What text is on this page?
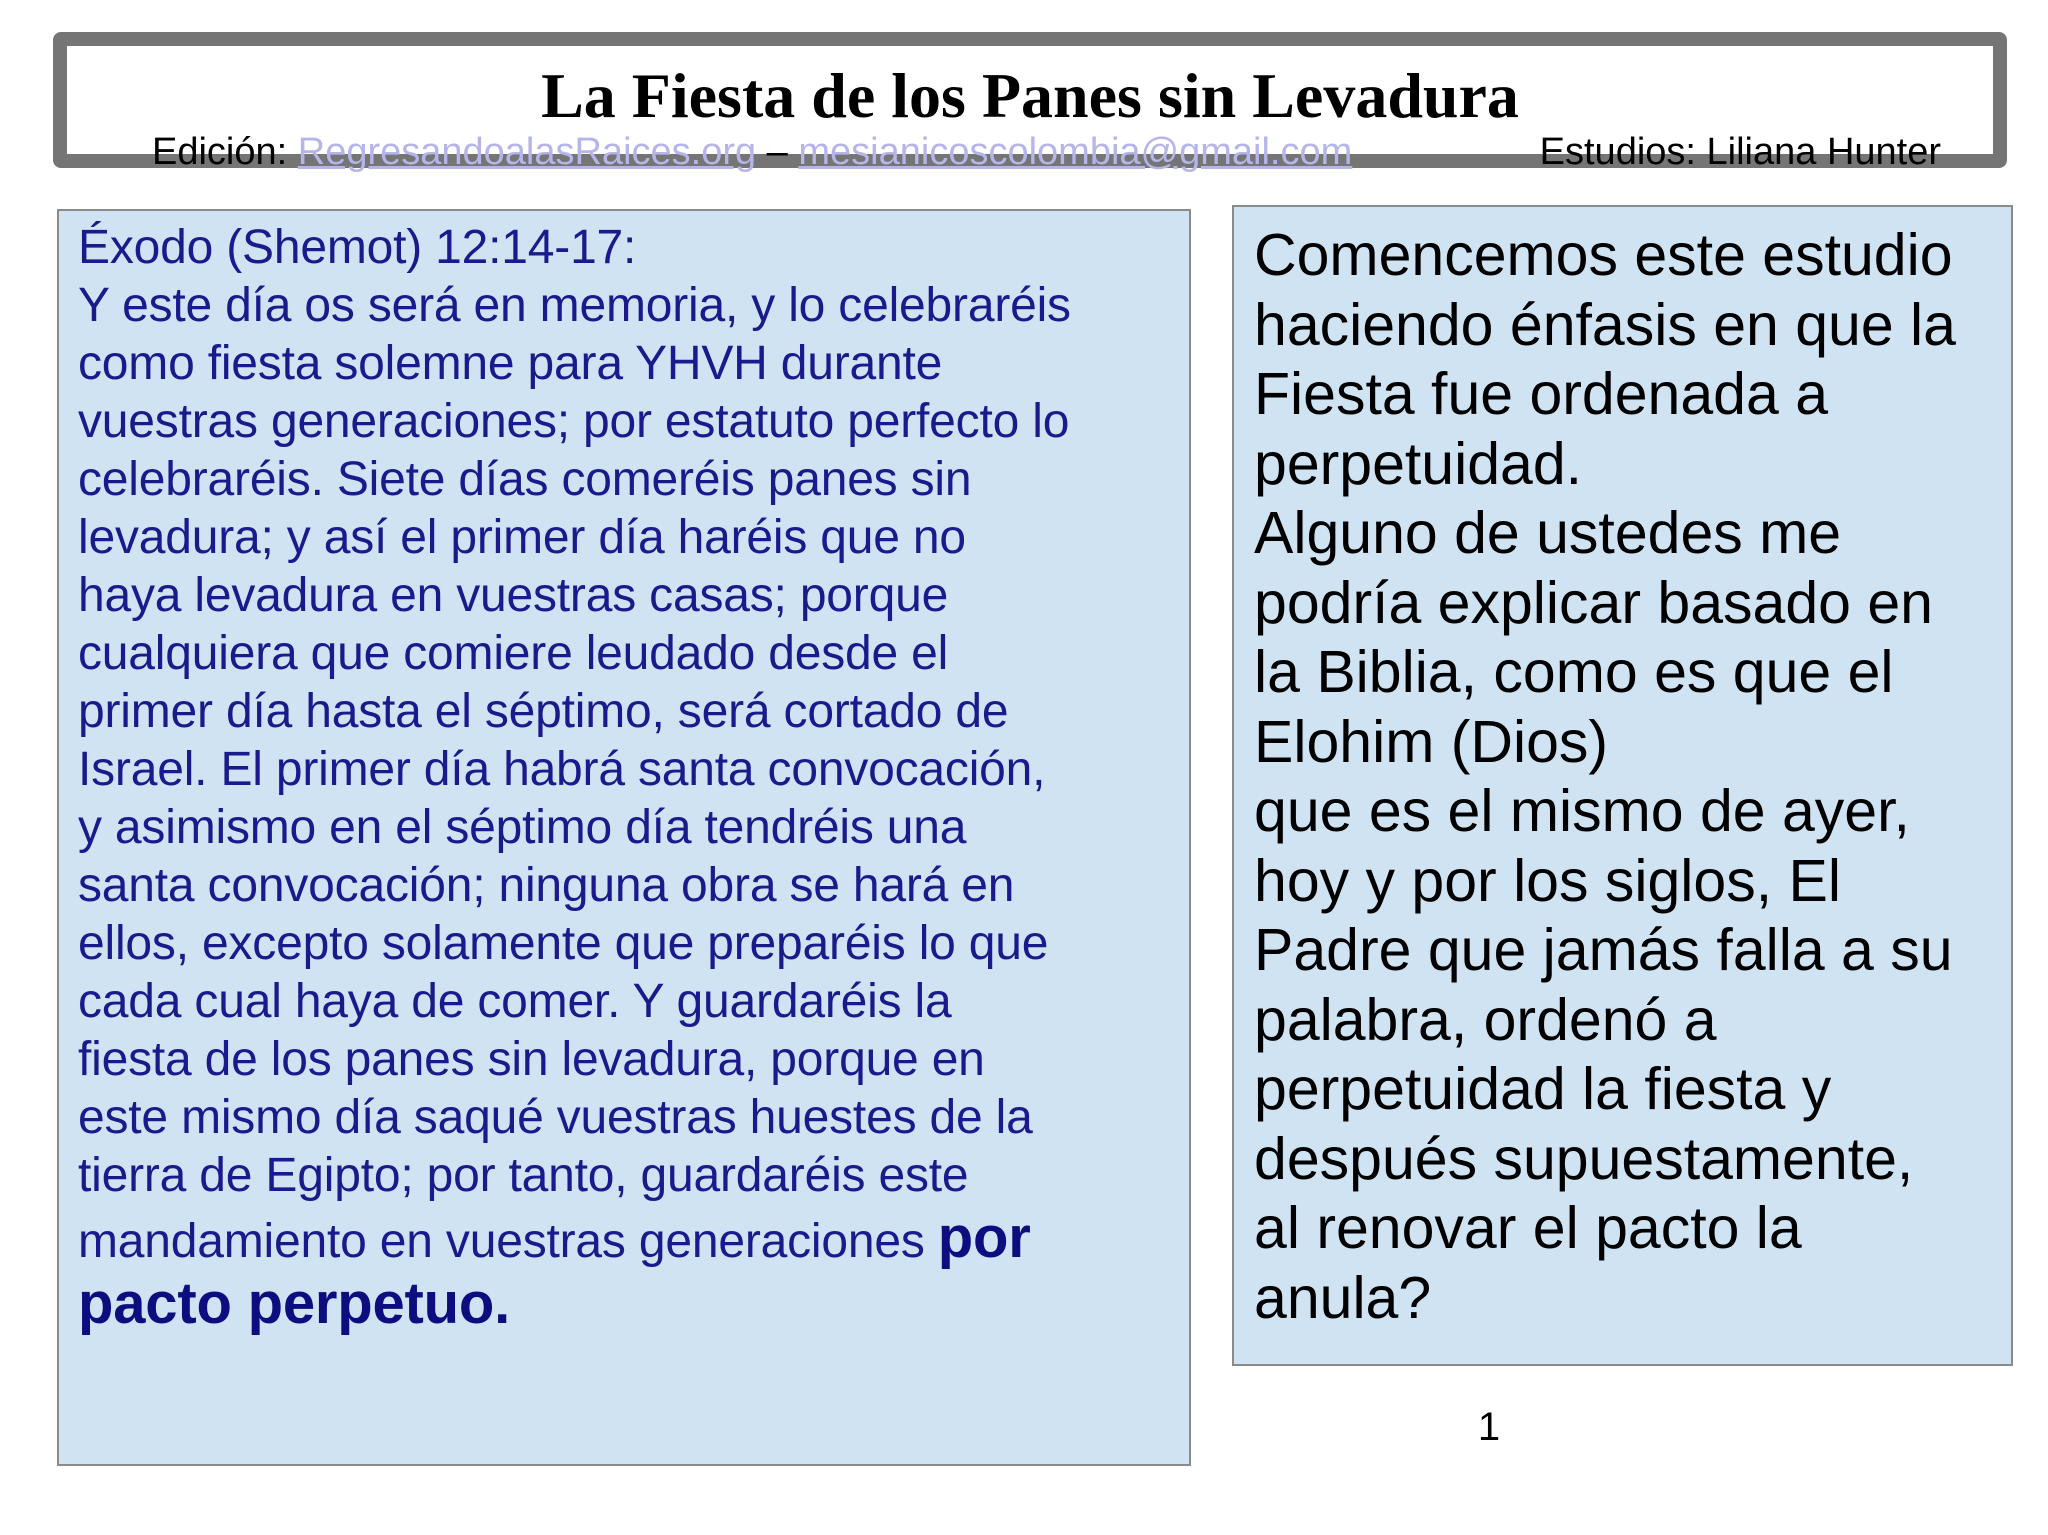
La Fiesta de los Panes sin Levadura
Edición: RegresandoalasRaices.org – mesianicoscolombia@gmail.com	Estudios: Liliana Hunter
Éxodo (Shemot) 12:14-17:
Y este día os será en memoria, y lo celebraréis
como fiesta solemne para YHVH durante
vuestras generaciones; por estatuto perfecto lo
celebraréis. Siete días comeréis panes sin
levadura; y así el primer día haréis que no
haya levadura en vuestras casas; porque
cualquiera que comiere leudado desde el
primer día hasta el séptimo, será cortado de
Israel. El primer día habrá santa convocación,
y asimismo en el séptimo día tendréis una
santa convocación; ninguna obra se hará en
ellos, excepto solamente que preparéis lo que
cada cual haya de comer. Y guardaréis la
fiesta de los panes sin levadura, porque en
este mismo día saqué vuestras huestes de la
tierra de Egipto; por tanto, guardaréis este
mandamiento en vuestras generaciones por
pacto perpetuo.
Comencemos este estudio
haciendo énfasis en que la
Fiesta fue ordenada a
perpetuidad.
Alguno de ustedes me
podría explicar basado en
la Biblia, como es que el
Elohim (Dios)
que es el mismo de ayer,
hoy y por los siglos, El
Padre que jamás falla a su
palabra, ordenó a
perpetuidad la fiesta y
después supuestamente,
al renovar el pacto la
anula?
1
